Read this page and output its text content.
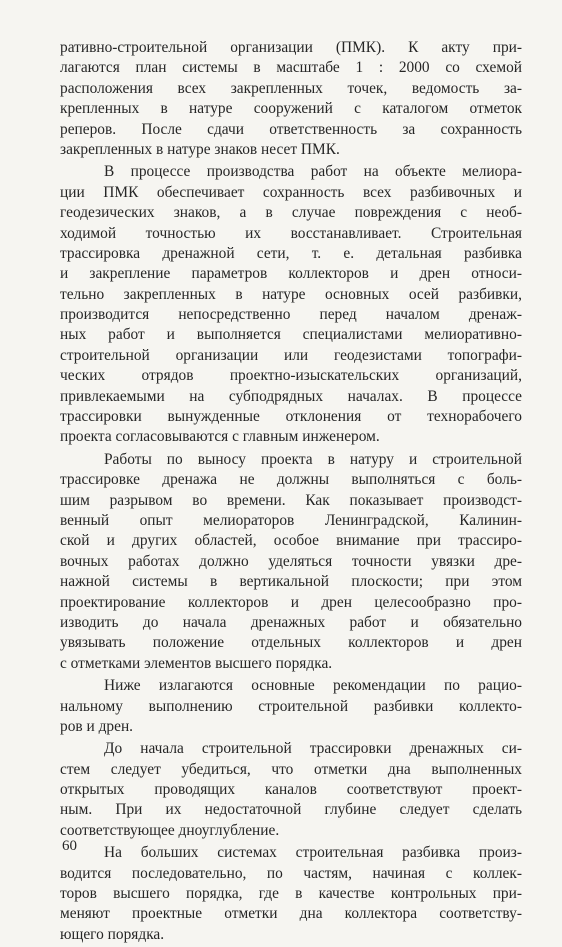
ративно-строительной организации (ПМК). К акту при-
лагаются план системы в масштабе 1 : 2000 со схемой
расположения всех закрепленных точек, ведомость за-
крепленных в натуре сооружений с каталогом отметок
реперов. После сдачи ответственность за сохранность
закрепленных в натуре знаков несет ПМК.
В процессе производства работ на объекте мелиора-
ции ПМК обеспечивает сохранность всех разбивочных и
геодезических знаков, а в случае повреждения с необ-
ходимой точностью их восстанавливает. Строительная
трассировка дренажной сети, т. е. детальная разбивка
и закрепление параметров коллекторов и дрен относи-
тельно закрепленных в натуре основных осей разбивки,
производится непосредственно перед началом дренаж-
ных работ и выполняется специалистами мелиоративно-
строительной организации или геодезистами топографи-
ческих отрядов проектно-изыскательских организаций,
привлекаемыми на субподрядных началах. В процессе
трассировки вынужденные отклонения от технорабочего
проекта согласовываются с главным инженером.
Работы по выносу проекта в натуру и строительной
трассировке дренажа не должны выполняться с боль-
шим разрывом во времени. Как показывает производст-
венный опыт мелиораторов Ленинградской, Калинин-
ской и других областей, особое внимание при трассиро-
вочных работах должно уделяться точности увязки дре-
нажной системы в вертикальной плоскости; при этом
проектирование коллекторов и дрен целесообразно про-
изводить до начала дренажных работ и обязательно
увязывать положение отдельных коллекторов и дрен
с отметками элементов высшего порядка.
Ниже излагаются основные рекомендации по рацио-
нальному выполнению строительной разбивки коллекто-
ров и дрен.
До начала строительной трассировки дренажных си-
стем следует убедиться, что отметки дна выполненных
открытых проводящих каналов соответствуют проект-
ным. При их недостаточной глубине следует сделать
соответствующее дноуглубление.
На больших системах строительная разбивка произ-
водится последовательно, по частям, начиная с коллек-
торов высшего порядка, где в качестве контрольных при-
меняют проектные отметки дна коллектора соответству-
ющего порядка.
60
